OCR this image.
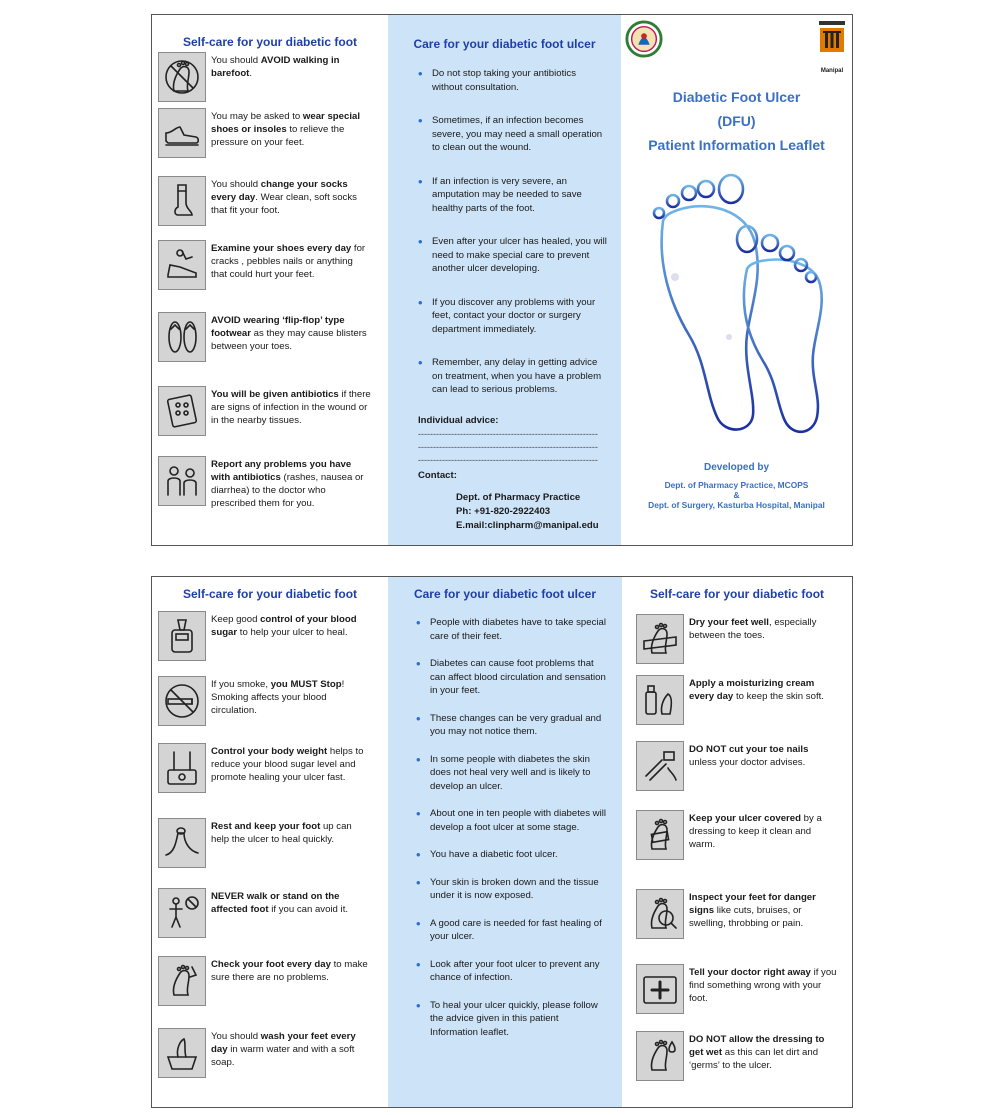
Self-care for your diabetic foot
You should AVOID walking in barefoot.
You may be asked to wear special shoes or insoles to relieve the pressure on your feet.
You should change your socks every day. Wear clean, soft socks that fit your foot.
Examine your shoes every day for cracks , pebbles nails or anything that could hurt your feet.
AVOID wearing ‘flip-flop’ type footwear as they may cause blisters between your toes.
You will be given antibiotics if there are signs of infection in the wound or in the nearby tissues.
Report any problems you have with antibiotics (rashes, nausea or diarrhea) to the doctor who prescribed them for you.
Care for your diabetic foot ulcer
• Do not stop taking your antibiotics without consultation.
• Sometimes, if an infection becomes severe, you may need a small operation to clean out the wound.
• If an infection is very severe, an amputation may be needed to save healthy parts of the foot.
• Even after your ulcer has healed, you will need to make special care to prevent another ulcer developing.
• If you discover any problems with your feet, contact your doctor or surgery department immediately.
• Remember, any delay in getting advice on treatment, when you have a problem can lead to serious problems.
Individual advice:
------------------------------------------------------------
------------------------------------------------------------
------------------------------------------------------------
Contact:
Dept. of Pharmacy Practice
Ph: +91-820-2922403
E.mail:clinpharm@manipal.edu
Manipal
Diabetic Foot Ulcer
(DFU)
Patient Information Leaflet
Developed by
Dept. of Pharmacy Practice, MCOPS
&
Dept. of Surgery, Kasturba Hospital, Manipal
Self-care for your diabetic foot
Keep good control of your blood sugar to help your ulcer to heal.
If you smoke, you MUST Stop! Smoking affects your blood circulation.
Control your body weight helps to reduce your blood sugar level and promote healing your ulcer fast.
Rest and keep your foot up can help the ulcer to heal quickly.
NEVER walk or stand on the affected foot if you can avoid it.
Check your foot every day to make sure there are no problems.
You should wash your feet every day in warm water and with a soft soap.
Care for your diabetic foot ulcer
• People with diabetes have to take special care of their feet.
• Diabetes can cause foot problems that can affect blood circulation and sensation in your feet.
• These changes can be very gradual and you may not notice them.
• In some people with diabetes the skin does not heal very well and is likely to develop an ulcer.
• About one in ten people with diabetes will develop a foot ulcer at some stage.
• You have a diabetic foot ulcer.
• Your skin is broken down and the tissue under it is now exposed.
• A good care is needed for fast healing of your ulcer.
• Look after your foot ulcer to prevent any chance of infection.
• To heal your ulcer quickly, please follow the advice given in this patient Information leaflet.
Self-care for your diabetic foot
Dry your feet well, especially between the toes.
Apply a moisturizing cream every day to keep the skin soft.
DO NOT cut your toe nails unless your doctor advises.
Keep your ulcer covered by a dressing to keep it clean and warm.
Inspect your feet for danger signs like cuts, bruises, or swelling, throbbing or pain.
Tell your doctor right away if you find something wrong with your foot.
DO NOT allow the dressing to get wet as this can let dirt and ‘germs’ to the ulcer.
